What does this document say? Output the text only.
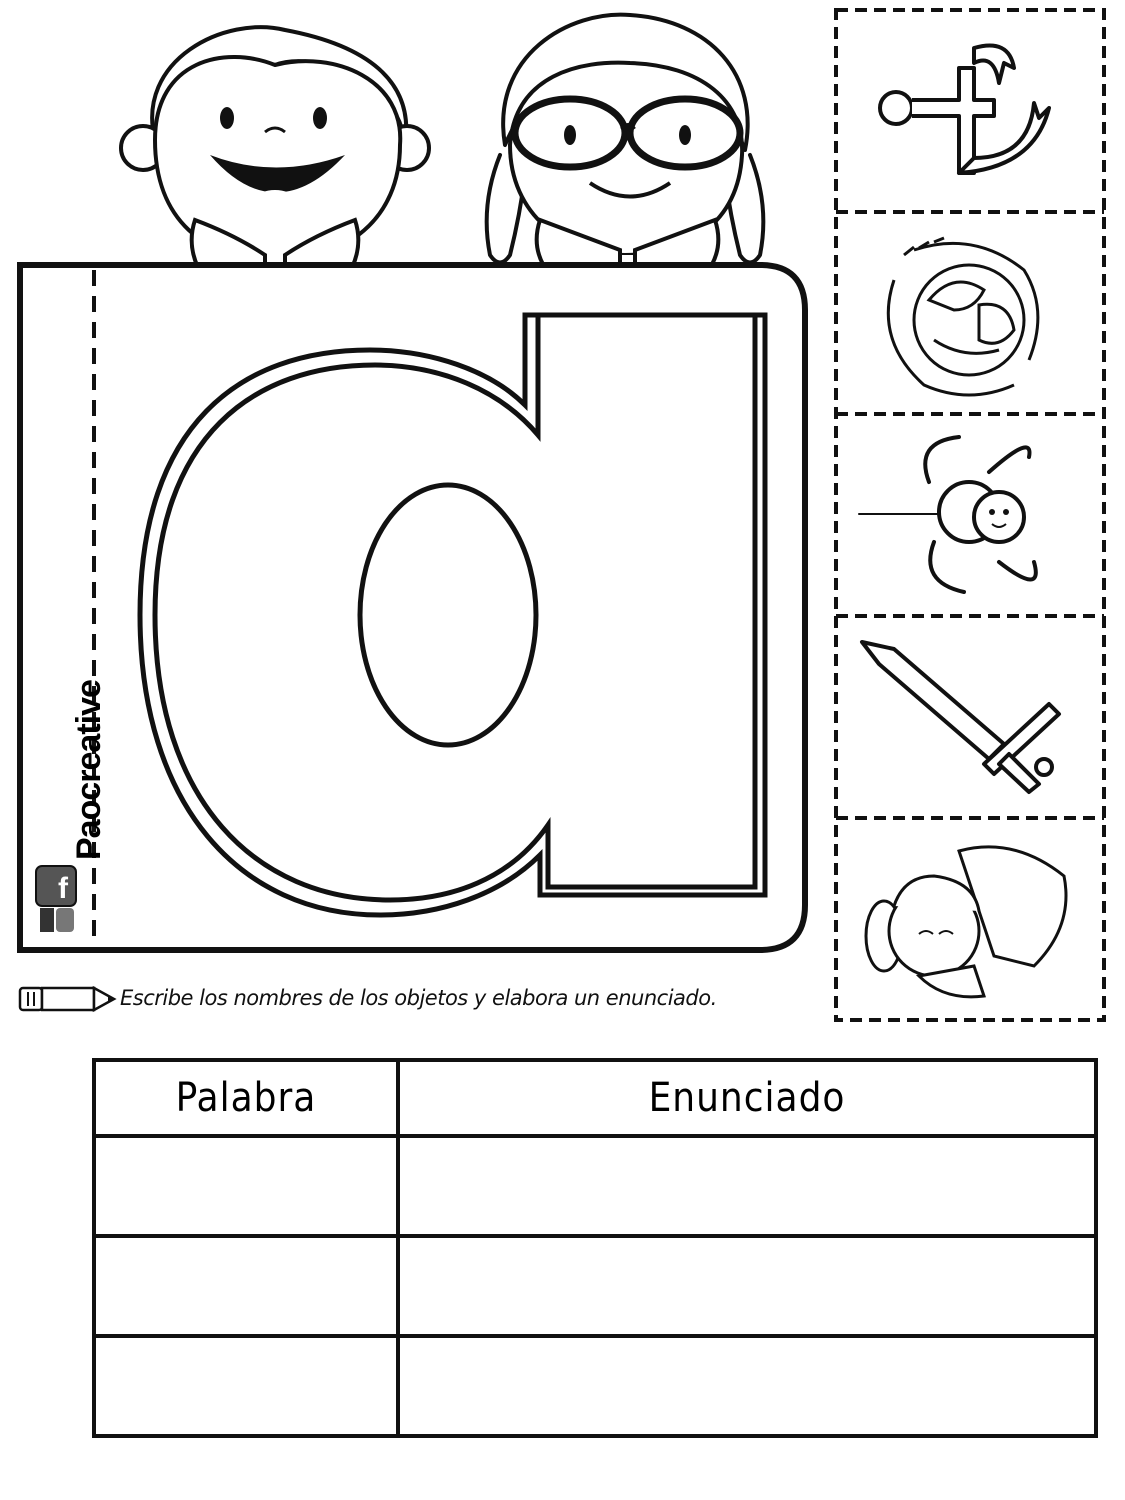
Paocreative
f
Escribe los nombres de los objetos y elabora un enunciado.
Palabra	Enunciado
